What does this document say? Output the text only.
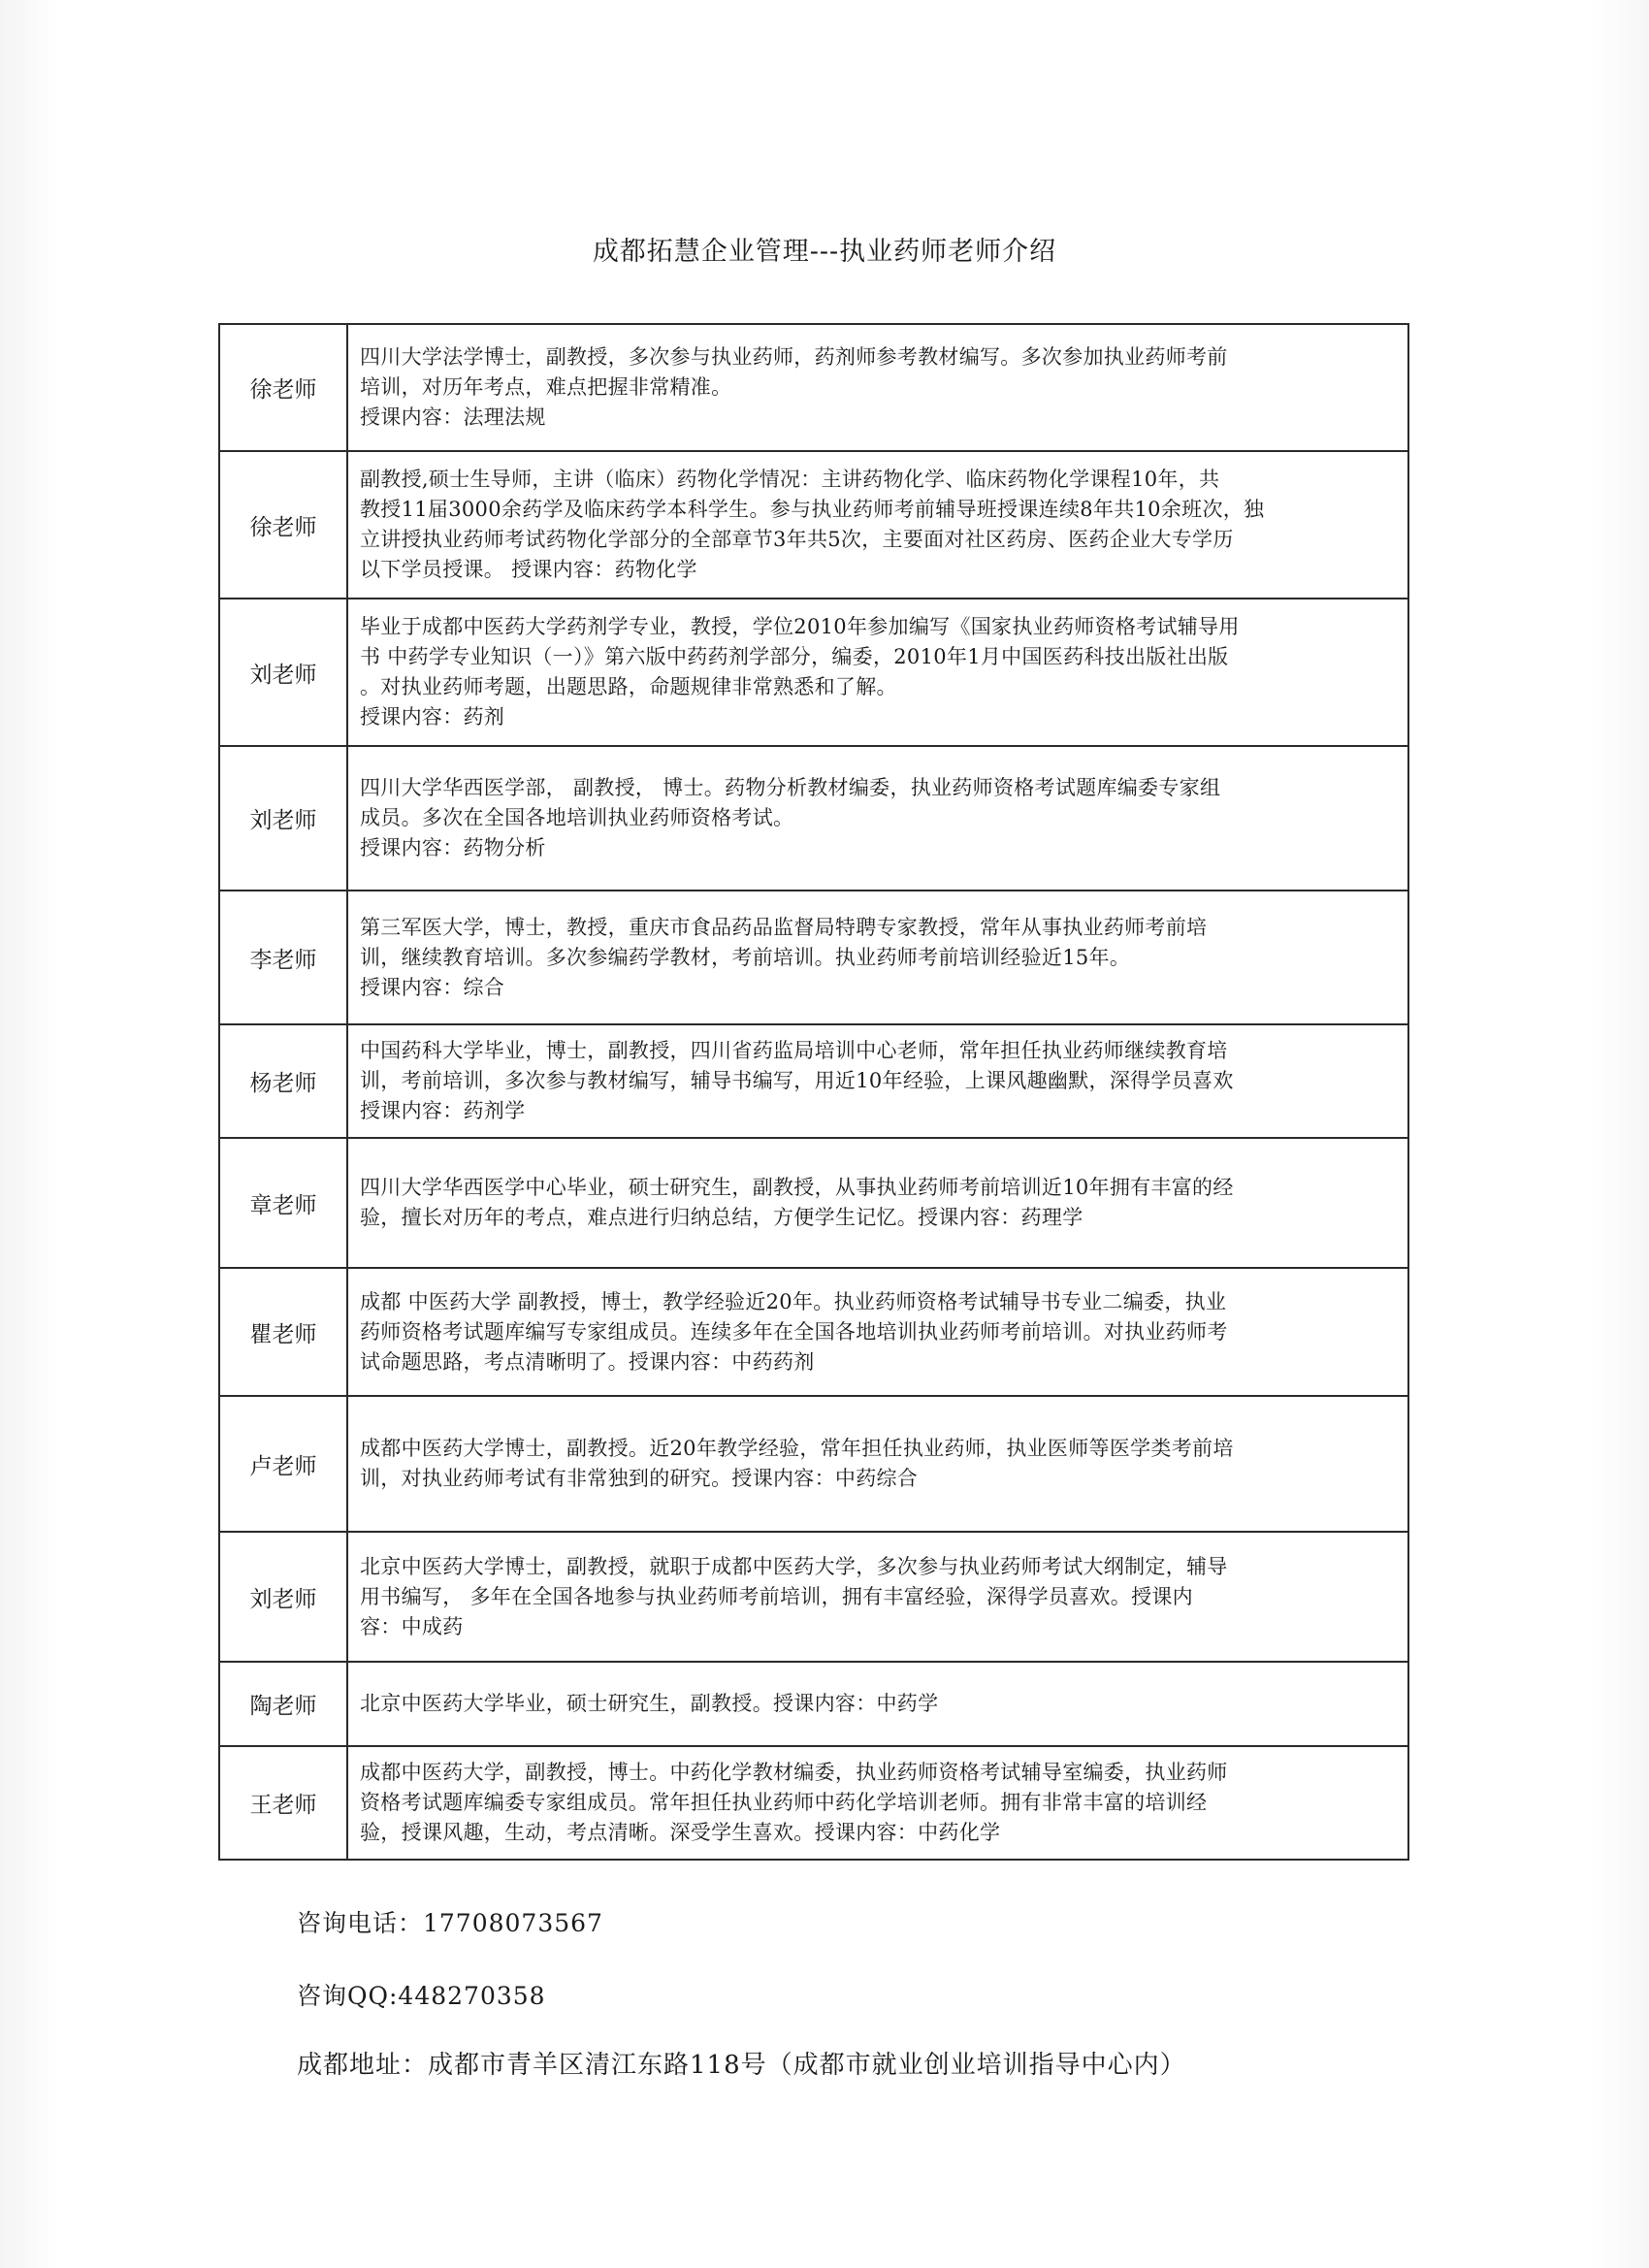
成都拓慧企业管理---执业药师老师介绍
徐老师	四川大学法学博士，副教授，多次参与执业药师，药剂师参考教材编写。多次参加执业药师考前
培训，对历年考点，难点把握非常精准。
授课内容：法理法规

徐老师	副教授,硕士生导师，主讲（临床）药物化学情况：主讲药物化学、临床药物化学课程10年，共
教授11届3000余药学及临床药学本科学生。参与执业药师考前辅导班授课连续8年共10余班次，独
立讲授执业药师考试药物化学部分的全部章节3年共5次，主要面对社区药房、医药企业大专学历
以下学员授课。 授课内容：药物化学

刘老师	毕业于成都中医药大学药剂学专业，教授，学位2010年参加编写《国家执业药师资格考试辅导用
书 中药学专业知识（一）》第六版中药药剂学部分，编委，2010年1月中国医药科技出版社出版
。对执业药师考题，出题思路，命题规律非常熟悉和了解。
授课内容：药剂

刘老师	四川大学华西医学部， 副教授， 博士。药物分析教材编委，执业药师资格考试题库编委专家组
成员。多次在全国各地培训执业药师资格考试。
授课内容：药物分析

李老师	第三军医大学，博士，教授，重庆市食品药品监督局特聘专家教授，常年从事执业药师考前培
训，继续教育培训。多次参编药学教材，考前培训。执业药师考前培训经验近15年。
授课内容：综合

杨老师	中国药科大学毕业，博士，副教授，四川省药监局培训中心老师，常年担任执业药师继续教育培
训，考前培训，多次参与教材编写，辅导书编写，用近10年经验，上课风趣幽默，深得学员喜欢
授课内容：药剂学

章老师	四川大学华西医学中心毕业，硕士研究生，副教授，从事执业药师考前培训近10年拥有丰富的经
验，擅长对历年的考点，难点进行归纳总结，方便学生记忆。授课内容：药理学

瞿老师	成都 中医药大学 副教授，博士，教学经验近20年。执业药师资格考试辅导书专业二编委，执业
药师资格考试题库编写专家组成员。连续多年在全国各地培训执业药师考前培训。对执业药师考
试命题思路，考点清晰明了。授课内容：中药药剂

卢老师	成都中医药大学博士，副教授。近20年教学经验，常年担任执业药师，执业医师等医学类考前培
训，对执业药师考试有非常独到的研究。授课内容：中药综合

刘老师	北京中医药大学博士，副教授，就职于成都中医药大学，多次参与执业药师考试大纲制定，辅导
用书编写， 多年在全国各地参与执业药师考前培训，拥有丰富经验，深得学员喜欢。授课内
容：中成药

陶老师	北京中医药大学毕业，硕士研究生，副教授。授课内容：中药学

王老师	成都中医药大学，副教授，博士。中药化学教材编委，执业药师资格考试辅导室编委，执业药师
资格考试题库编委专家组成员。常年担任执业药师中药化学培训老师。拥有非常丰富的培训经
验，授课风趣，生动，考点清晰。深受学生喜欢。授课内容：中药化学
咨询电话：17708073567
咨询QQ:448270358
成都地址：成都市青羊区清江东路118号（成都市就业创业培训指导中心内）
